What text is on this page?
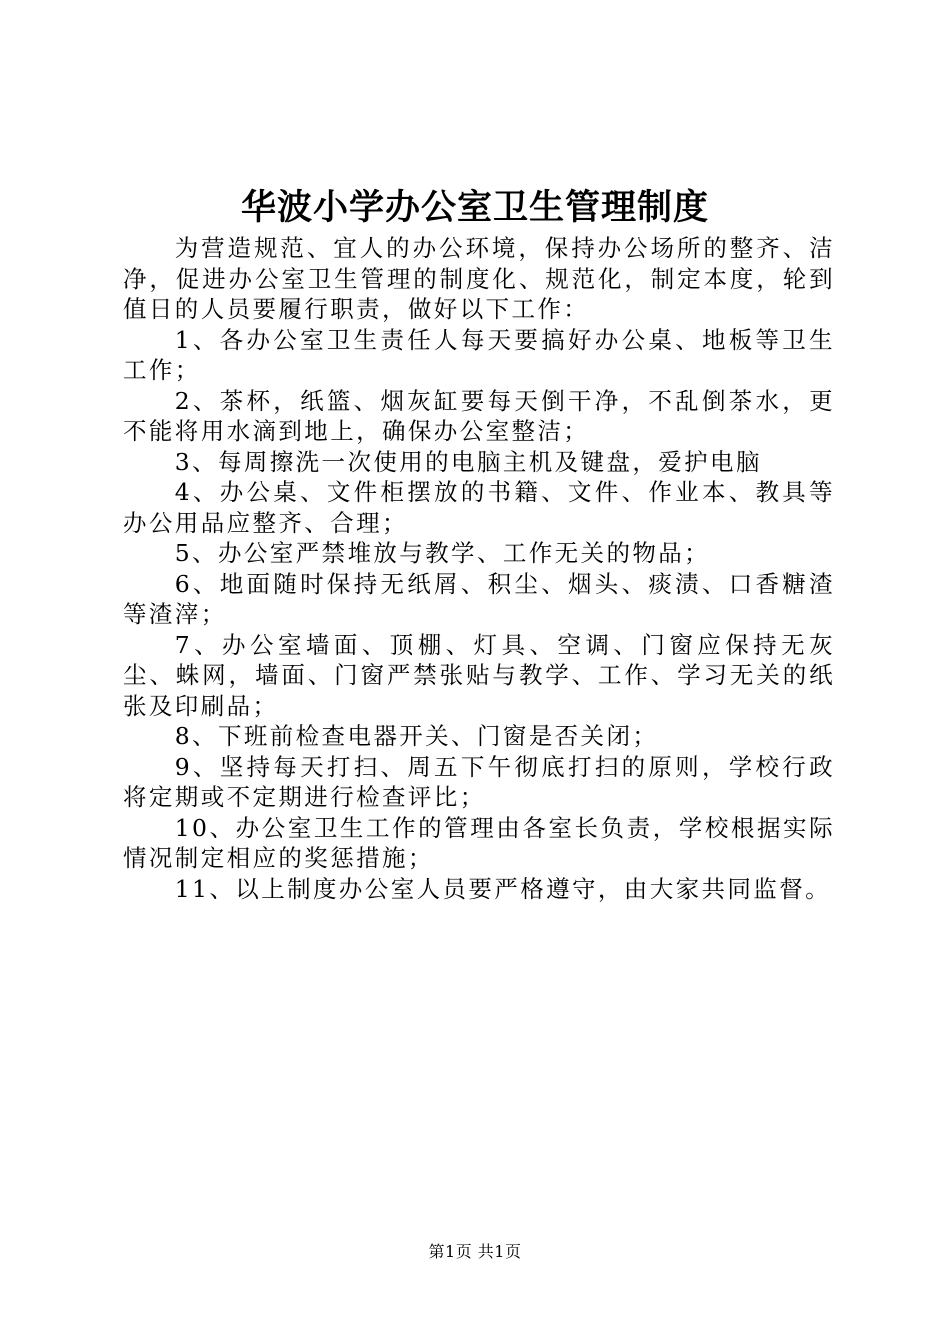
华波小学办公室卫生管理制度

为营造规范、宜人的办公环境，保持办公场所的整齐、洁净，促进办公室卫生管理的制度化、规范化，制定本度，轮到值日的人员要履行职责，做好以下工作：

1、各办公室卫生责任人每天要搞好办公桌、地板等卫生工作；

2、茶杯，纸篮、烟灰缸要每天倒干净，不乱倒茶水，更不能将用水滴到地上，确保办公室整洁；

3、每周擦洗一次使用的电脑主机及键盘，爱护电脑

4、办公桌、文件柜摆放的书籍、文件、作业本、教具等办公用品应整齐、合理；

5、办公室严禁堆放与教学、工作无关的物品；

6、地面随时保持无纸屑、积尘、烟头、痰渍、口香糖渣等渣滓；

7、办公室墙面、顶棚、灯具、空调、门窗应保持无灰尘、蛛网，墙面、门窗严禁张贴与教学、工作、学习无关的纸张及印刷品；

8、下班前检查电器开关、门窗是否关闭；

9、坚持每天打扫、周五下午彻底打扫的原则，学校行政将定期或不定期进行检查评比；

10、办公室卫生工作的管理由各室长负责，学校根据实际情况制定相应的奖惩措施；

11、以上制度办公室人员要严格遵守，由大家共同监督。

第1页 共1页
